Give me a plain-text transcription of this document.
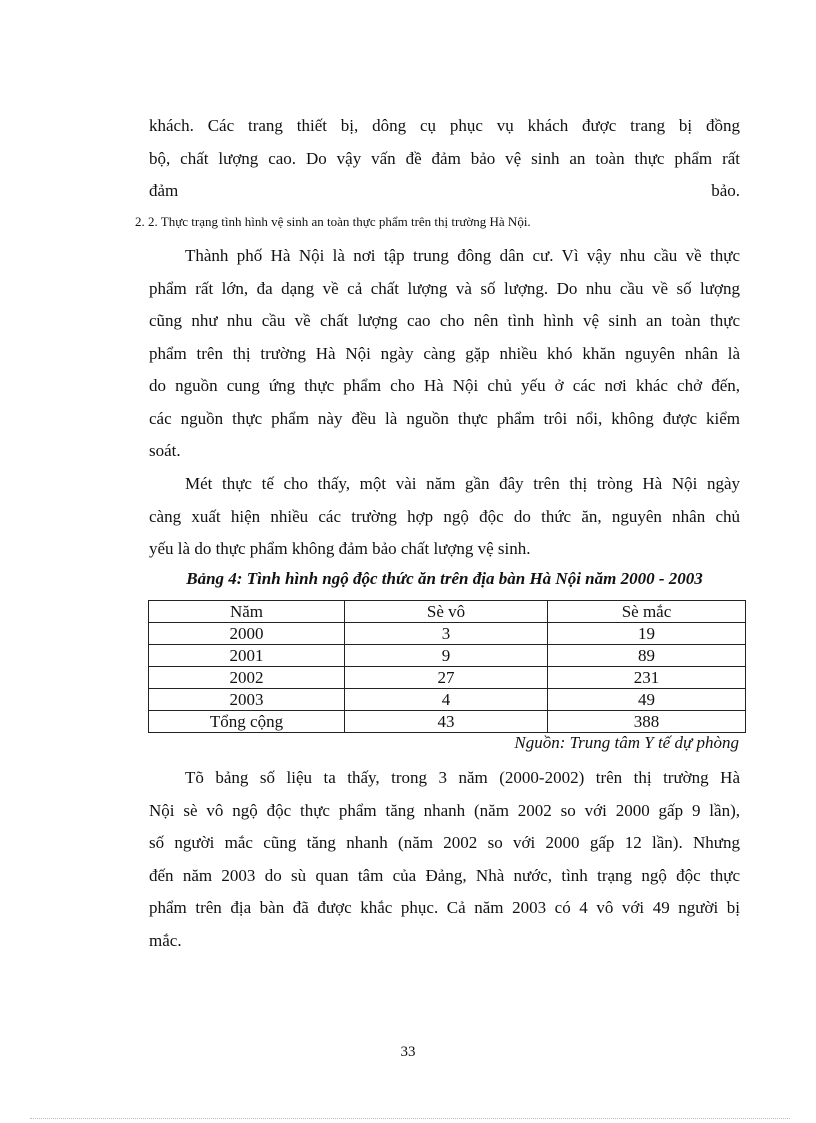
khách. Các trang thiết bị, dông cụ phục vụ khách được trang bị đồng
bộ, chất lượng cao. Do vậy vấn đề đảm bảo vệ sinh an toàn thực phẩm rất
đảm	bảo.

2. 2. Thực trạng tình hình vệ sinh an toàn thực phẩm trên thị trường Hà Nội.

Thành phố Hà Nội là nơi tập trung đông dân cư. Vì vậy nhu cầu về thực
phẩm rất lớn, đa dạng về cả chất lượng và số lượng. Do nhu cầu về số lượng
cũng như nhu cầu về chất lượng cao cho nên tình hình vệ sinh an toàn thực
phẩm trên thị trường Hà Nội ngày càng gặp nhiều khó khăn nguyên nhân là
do nguồn cung ứng thực phẩm cho Hà Nội chủ yếu ở các nơi khác chở đến,
các nguồn thực phẩm này đều là nguồn thực phẩm trôi nổi, không được kiểm
soát.
Mét thực tế cho thấy, một vài năm gần đây trên thị tròng Hà Nội ngày
càng xuất hiện nhiều các trường hợp ngộ độc do thức ăn, nguyên nhân chủ
yếu là do thực phẩm không đảm bảo chất lượng vệ sinh.

Bảng 4: Tình hình ngộ độc thức ăn trên địa bàn Hà Nội năm 2000 - 2003

Năm	Sè vô	Sè mắc
2000	3	19
2001	9	89
2002	27	231
2003	4	49
Tổng cộng	43	388

Nguồn: Trung tâm Y tế dự phòng

Tõ bảng số liệu ta thấy, trong 3 năm (2000-2002) trên thị trường Hà
Nội sè vô ngộ độc thực phẩm tăng nhanh (năm 2002 so với 2000 gấp 9 lần),
số người mắc cũng tăng nhanh (năm 2002 so với 2000 gấp 12 lần). Nhưng
đến năm 2003 do sù quan tâm của Đảng, Nhà nước, tình trạng ngộ độc thực
phẩm trên địa bàn đã được khắc phục. Cả năm 2003 có 4 vô với 49 người bị
mắc.

33
